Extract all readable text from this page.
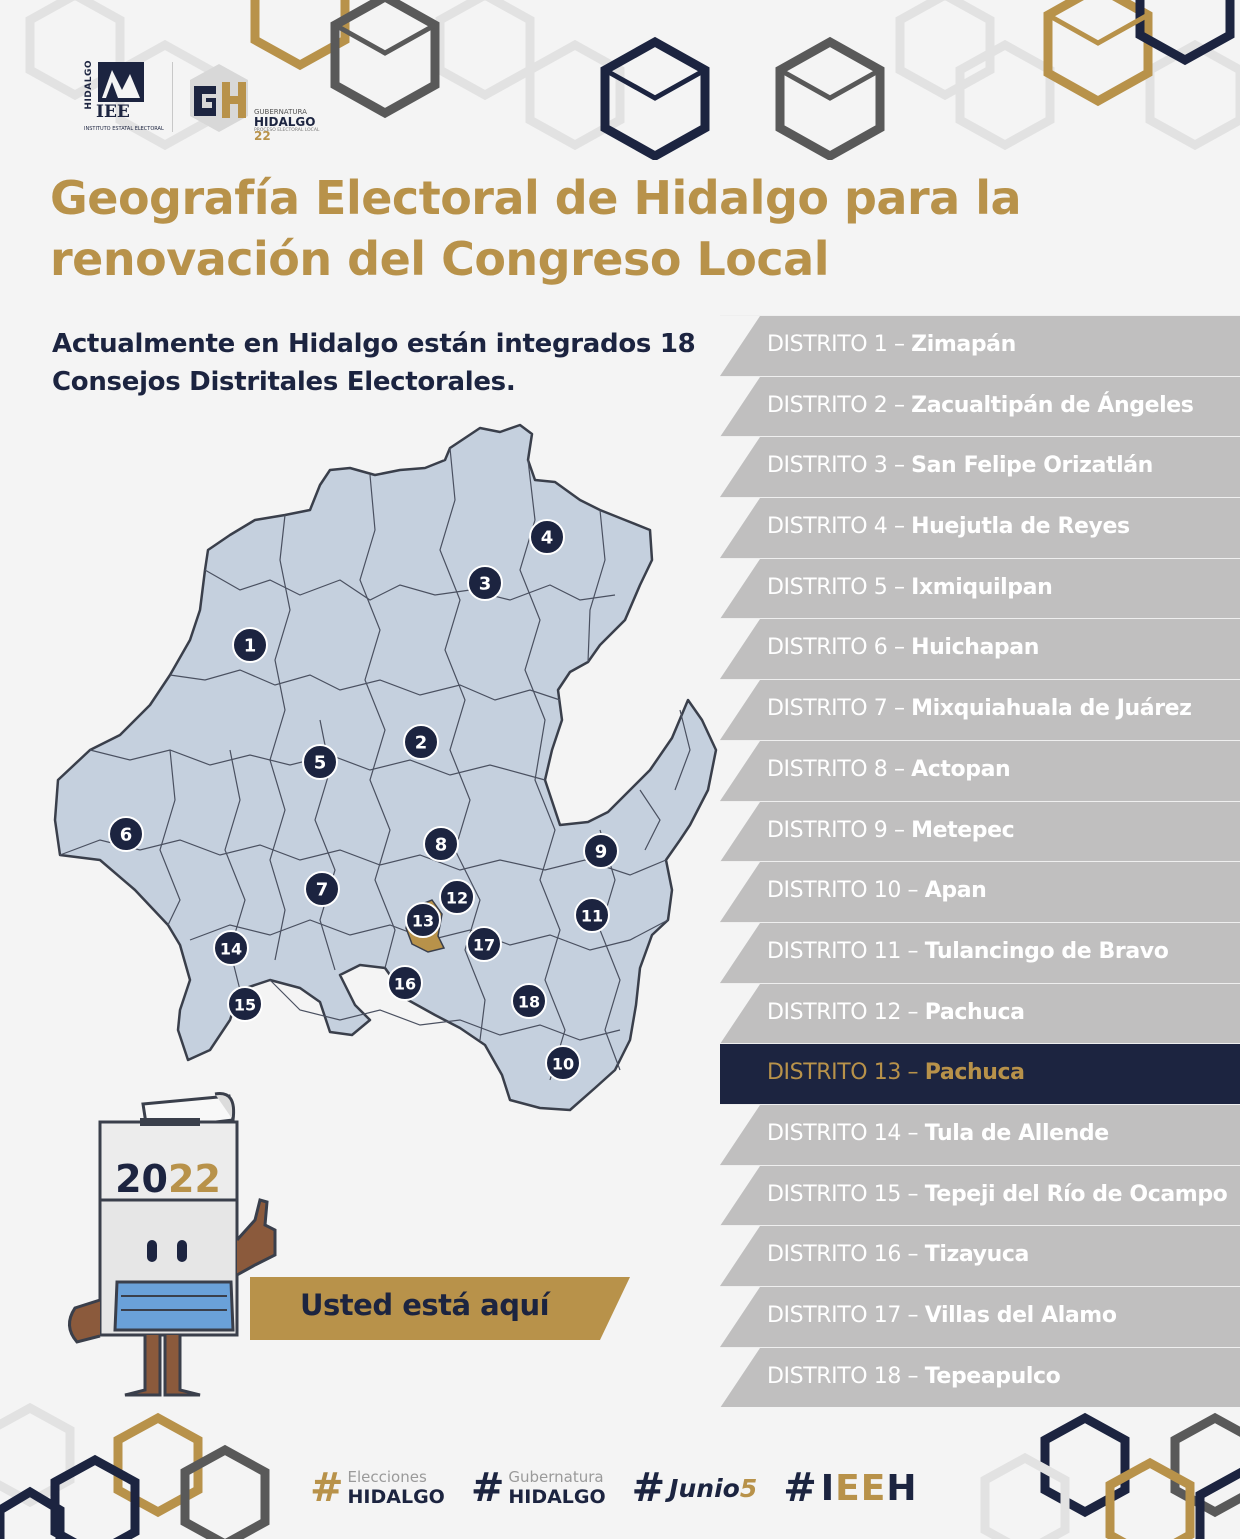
HIDALGO
IEE
INSTITUTO ESTATAL ELECTORAL
GUBERNATURA
HIDALGO 22
PROCESO ELECTORAL LOCAL
Geografía Electoral de Hidalgo para la renovación del Congreso Local
Actualmente en Hidalgo están integrados 18 Consejos Distritales Electorales.
1
2
3
4
5
6
7
8	9
10
11
12
13
14
15
16
17
18
DISTRITO 1 – Zimapán
DISTRITO 2 – Zacualtipán de Ángeles
DISTRITO 3 – San Felipe Orizatlán
DISTRITO 4 – Huejutla de Reyes
DISTRITO 5 – Ixmiquilpan
DISTRITO 6 – Huichapan
DISTRITO 7 – Mixquiahuala de Juárez
DISTRITO 8 – Actopan
DISTRITO 9 – Metepec
DISTRITO 10 – Apan
DISTRITO 11 – Tulancingo de Bravo
DISTRITO 12 – Pachuca
DISTRITO 13 – Pachuca
DISTRITO 14 – Tula de Allende
DISTRITO 15 – Tepeji del Río de Ocampo
DISTRITO 16 – Tizayuca
DISTRITO 17 – Villas del Alamo
DISTRITO 18 – Tepeapulco
2022
Usted está aquí
# Elecciones
HIDALGO # Gubernatura
HIDALGO # Junio5 # IEEH
